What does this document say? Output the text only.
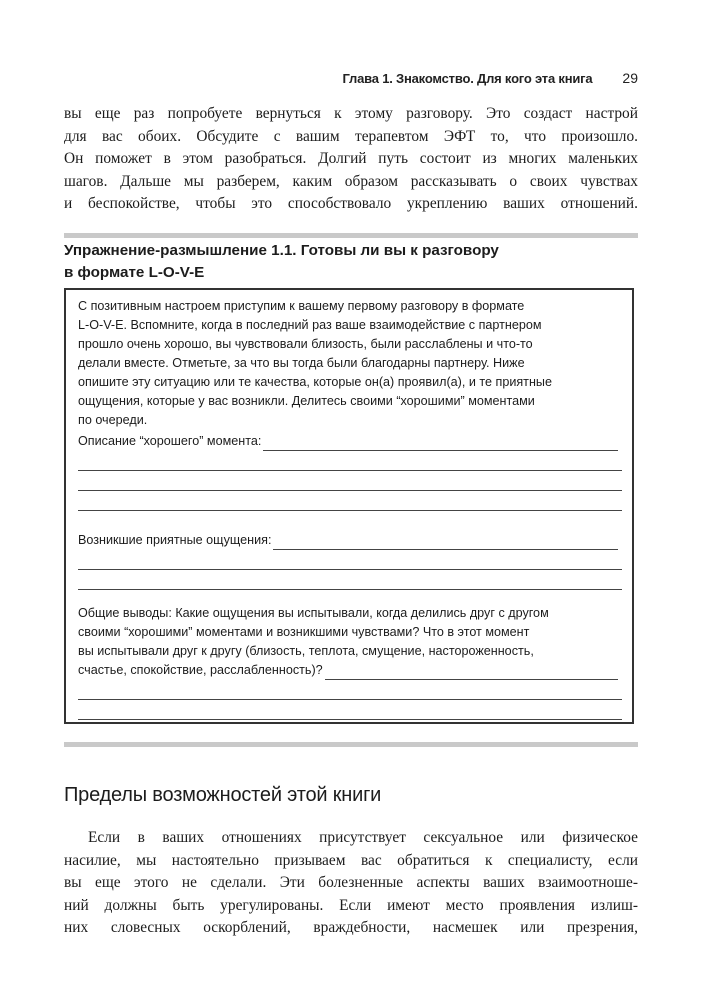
Глава 1. Знакомство. Для кого эта книга 29
вы еще раз попробуете вернуться к этому разговору. Это создаст настрой
для вас обоих. Обсудите с вашим терапевтом ЭФТ то, что произошло.
Он поможет в этом разобраться. Долгий путь состоит из многих маленьких
шагов. Дальше мы разберем, каким образом рассказывать о своих чувствах
и беспокойстве, чтобы это способствовало укреплению ваших отношений.
Упражнение-размышление 1.1. Готовы ли вы к разговору
в формате L-O-V-E
С позитивным настроем приступим к вашему первому разговору в формате
L-O-V-E. Вспомните, когда в последний раз ваше взаимодействие с партнером
прошло очень хорошо, вы чувствовали близость, были расслаблены и что-то
делали вместе. Отметьте, за что вы тогда были благодарны партнеру. Ниже
опишите эту ситуацию или те качества, которые он(а) проявил(а), и те приятные
ощущения, которые у вас возникли. Делитесь своими “хорошими” моментами
по очереди.
Описание “хорошего” момента:
Возникшие приятные ощущения:
Общие выводы: Какие ощущения вы испытывали, когда делились друг с другом
своими “хорошими” моментами и возникшими чувствами? Что в этот момент
вы испытывали друг к другу (близость, теплота, смущение, настороженность,
счастье, спокойствие, расслабленность)?
Пределы возможностей этой книги
Если в ваших отношениях присутствует сексуальное или физическое
насилие, мы настоятельно призываем вас обратиться к специалисту, если
вы еще этого не сделали. Эти болезненные аспекты ваших взаимоотноше-
ний должны быть урегулированы. Если имеют место проявления излиш-
них словесных оскорблений, враждебности, насмешек или презрения,
